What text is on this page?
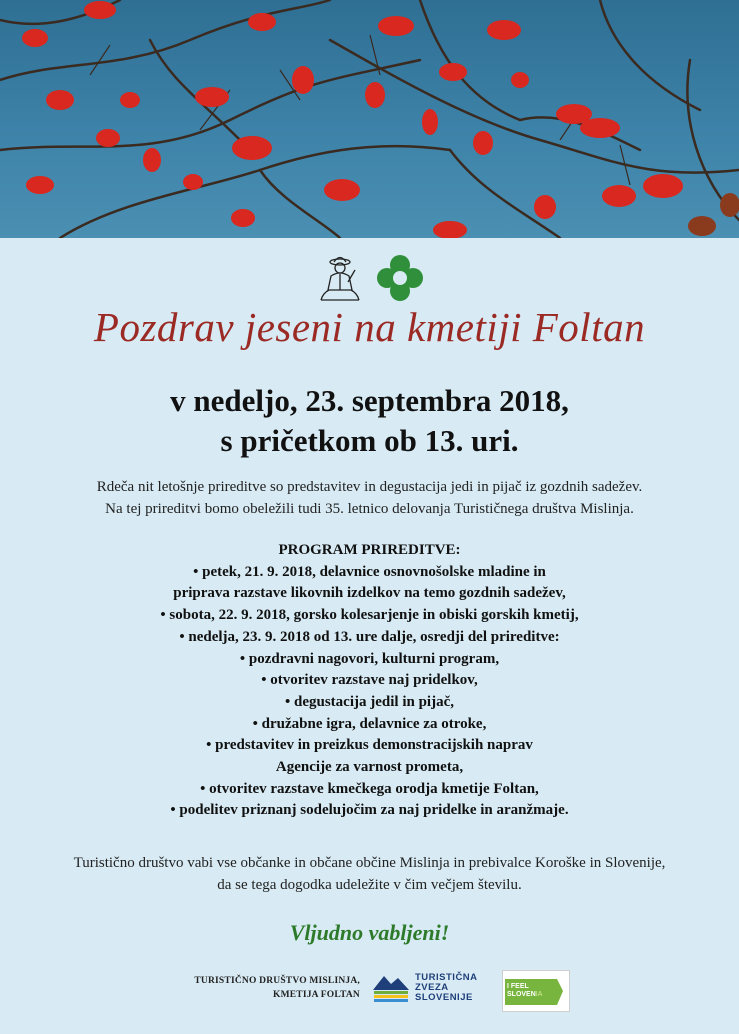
Pozdrav jeseni na kmetiji Foltan
v nedeljo, 23. septembra 2018,
s pričetkom ob 13. uri.
Rdeča nit letošnje prireditve so predstavitev in degustacija jedi in pijač iz gozdnih sadežev.
Na tej prireditvi bomo obeležili tudi 35. letnico delovanja Turističnega društva Mislinja.
PROGRAM PRIREDITVE:
• petek, 21. 9. 2018, delavnice osnovnošolske mladine in
priprava razstave likovnih izdelkov na temo gozdnih sadežev,
• sobota, 22. 9. 2018, gorsko kolesarjenje in obiski gorskih kmetij,
• nedelja, 23. 9. 2018 od 13. ure dalje, osredji del prireditve:
• pozdravni nagovori, kulturni program,
• otvoritev razstave naj pridelkov,
• degustacija jedil in pijač,
• družabne igra, delavnice za otroke,
• predstavitev in preizkus demonstracijskih naprav
Agencije za varnost prometa,
• otvoritev razstave kmečkega orodja kmetije Foltan,
• podelitev priznanj sodelujočim za naj pridelke in aranžmaje.
Turistično društvo vabi vse občanke in občane občine Mislinja in prebivalce Koroške in Slovenije,
da se tega dogodka udeležite v čim večjem številu.
Vljudno vabljeni!
TURISTIČNO DRUŠTVO MISLINJA,
KMETIJA FOLTAN
TURISTIČNA
ZVEZA
SLOVENIJE
I FEEL
SLOVENIA
